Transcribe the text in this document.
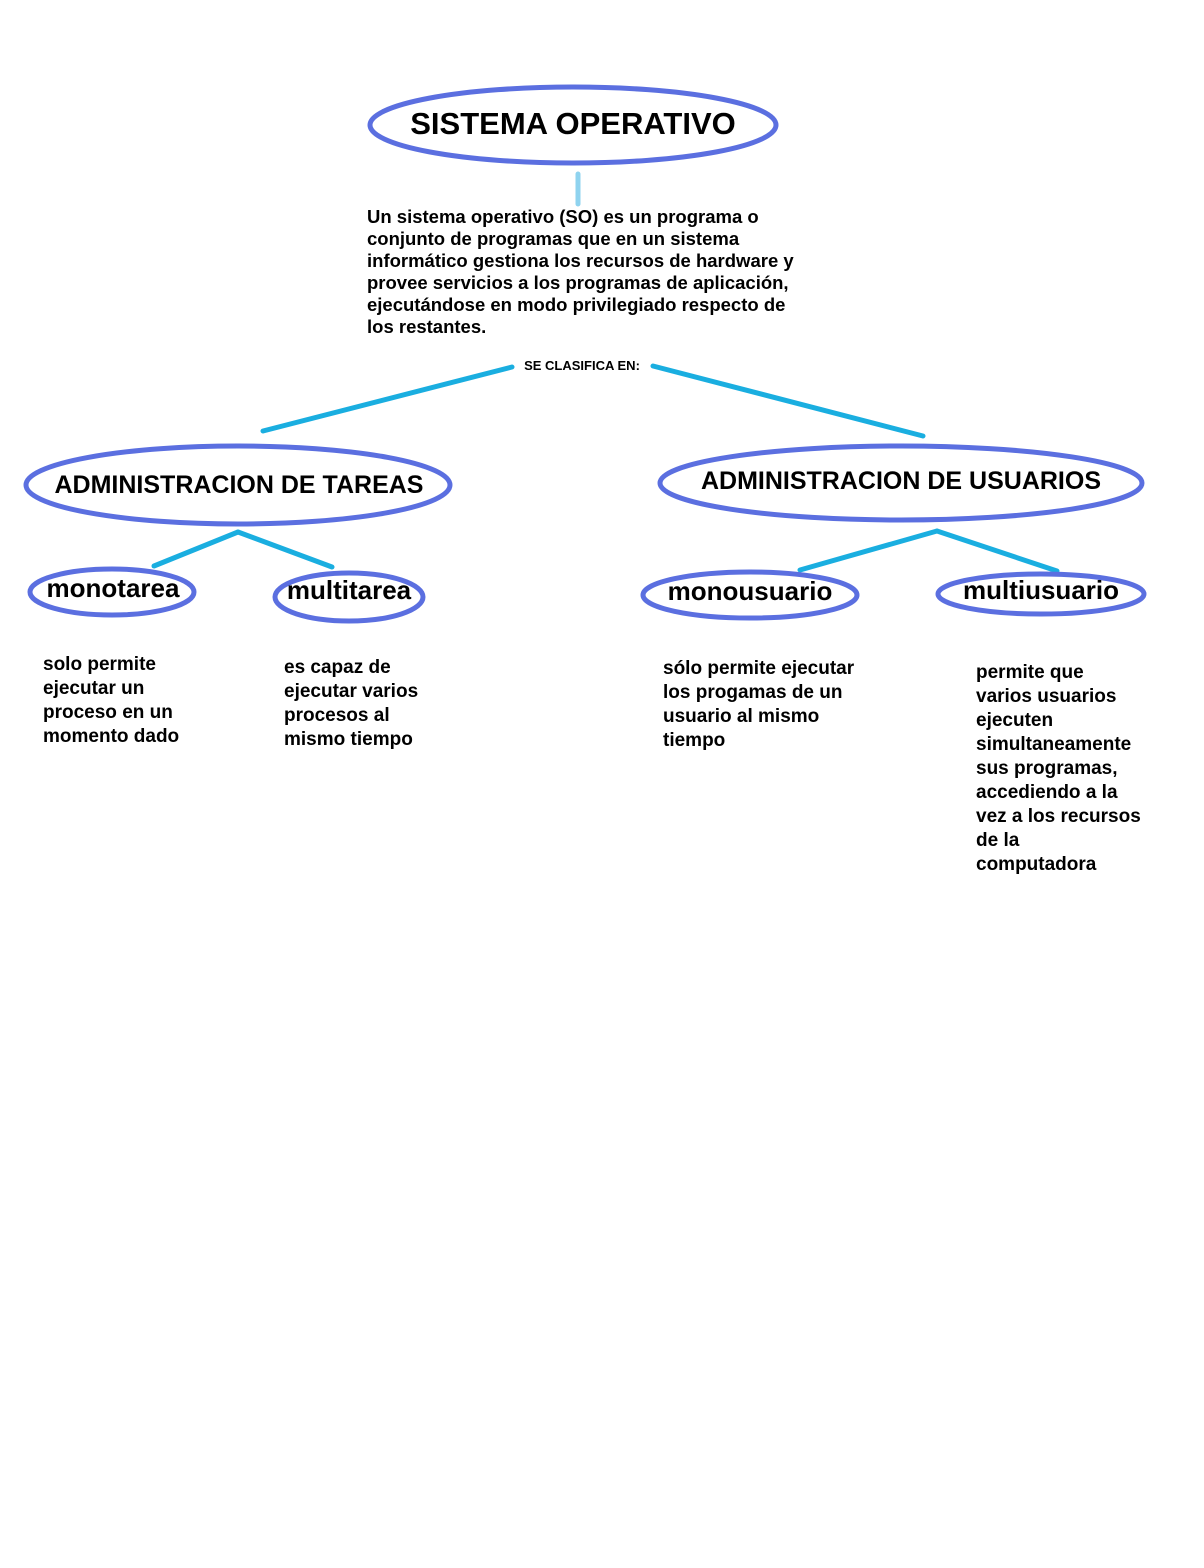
SISTEMA OPERATIVO
Un sistema operativo (SO) es un programa o
conjunto de programas que en un sistema
informático gestiona los recursos de hardware y
provee servicios a los programas de aplicación,
ejecutándose en modo privilegiado respecto de
los restantes.
SE CLASIFICA EN:
ADMINISTRACION DE TAREAS	ADMINISTRACION DE USUARIOS
monotarea	multitarea	monousuario	multiusuario
solo permite
ejecutar un
proceso en un
momento dado
es capaz de
ejecutar varios
procesos al
mismo tiempo
sólo permite ejecutar
los progamas de un
usuario al mismo
tiempo
permite que
varios usuarios
ejecuten
simultaneamente
sus programas,
accediendo a la
vez a los recursos
de la
computadora
